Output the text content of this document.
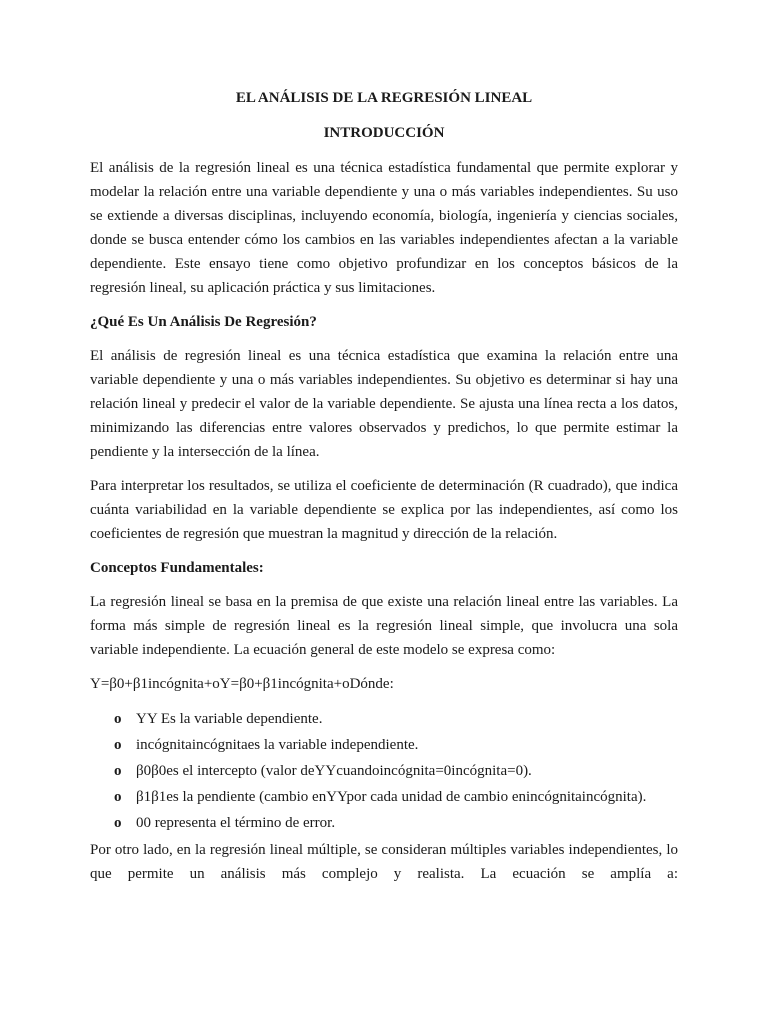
EL ANÁLISIS DE LA REGRESIÓN LINEAL
INTRODUCCIÓN

El análisis de la regresión lineal es una técnica estadística fundamental que permite explorar y modelar la relación entre una variable dependiente y una o más variables independientes. Su uso se extiende a diversas disciplinas, incluyendo economía, biología, ingeniería y ciencias sociales, donde se busca entender cómo los cambios en las variables independientes afectan a la variable dependiente. Este ensayo tiene como objetivo profundizar en los conceptos básicos de la regresión lineal, su aplicación práctica y sus limitaciones.

¿Qué Es Un Análisis De Regresión?

El análisis de regresión lineal es una técnica estadística que examina la relación entre una variable dependiente y una o más variables independientes. Su objetivo es determinar si hay una relación lineal y predecir el valor de la variable dependiente. Se ajusta una línea recta a los datos, minimizando las diferencias entre valores observados y predichos, lo que permite estimar la pendiente y la intersección de la línea.

Para interpretar los resultados, se utiliza el coeficiente de determinación (R cuadrado), que indica cuánta variabilidad en la variable dependiente se explica por las independientes, así como los coeficientes de regresión que muestran la magnitud y dirección de la relación.

Conceptos Fundamentales:

La regresión lineal se basa en la premisa de que existe una relación lineal entre las variables. La forma más simple de regresión lineal es la regresión lineal simple, que involucra una sola variable independiente. La ecuación general de este modelo se expresa como:

Y=β0+β1incógnita+oY=β0+β1incógnita+oDónde:

o YY Es la variable dependiente.
o incógnitaincógnitaes la variable independiente.
o β0β0es el intercepto (valor deYYcuandoincógnita=0incógnita=0).
o β1β1es la pendiente (cambio enYYpor cada unidad de cambio enincógnitaincógnita).
o 00 representa el término de error.

Por otro lado, en la regresión lineal múltiple, se consideran múltiples variables independientes, lo que permite un análisis más complejo y realista. La ecuación se amplía a:
